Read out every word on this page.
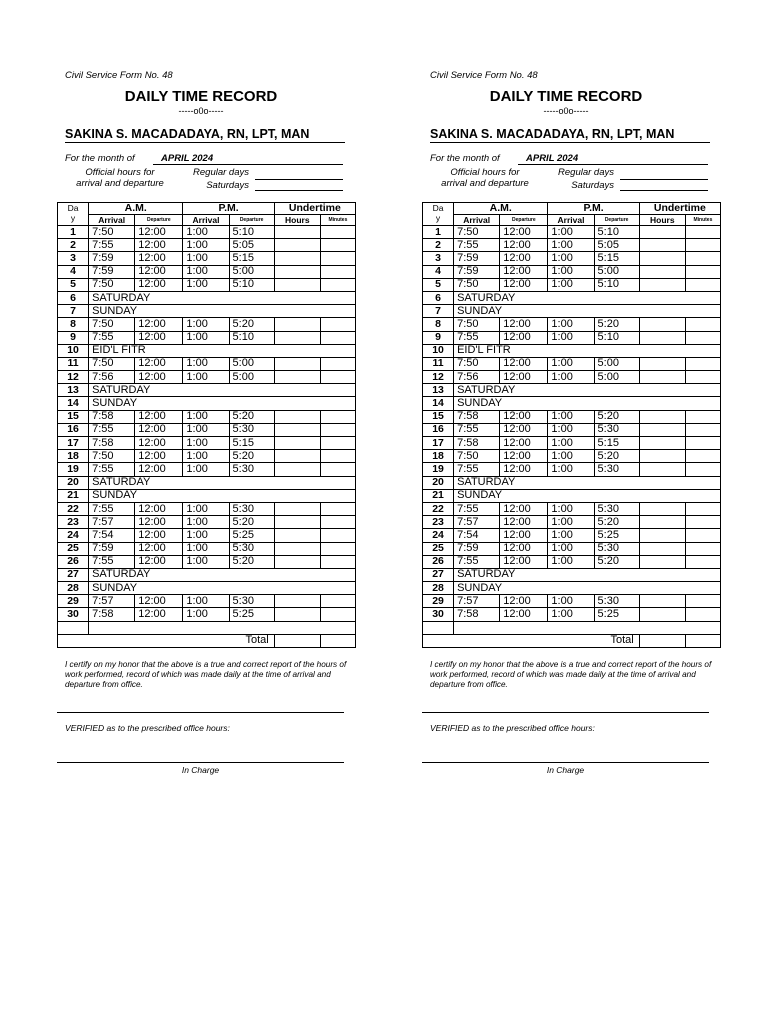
Civil Service Form No. 48
DAILY TIME RECORD
-----o0o-----
SAKINA S. MACADADAYA, RN, LPT, MAN
For the month of	APRIL 2024
Official hours for
arrival and departure
Regular days
Saturdays
Da
y	A.M.		P.M.		Undertime	
	Arrival	Departure	Arrival	Departure	Hours	Minutes
1	7:50	12:00	1:00	5:10		
2	7:55	12:00	1:00	5:05		
3	7:59	12:00	1:00	5:15		
4	7:59	12:00	1:00	5:00		
5	7:50	12:00	1:00	5:10		
6	SATURDAY					
7	SUNDAY					
8	7:50	12:00	1:00	5:20		
9	7:55	12:00	1:00	5:10		
10	EID'L FITR					
11	7:50	12:00	1:00	5:00		
12	7:56	12:00	1:00	5:00		
13	SATURDAY					
14	SUNDAY					
15	7:58	12:00	1:00	5:20		
16	7:55	12:00	1:00	5:30		
17	7:58	12:00	1:00	5:15		
18	7:50	12:00	1:00	5:20		
19	7:55	12:00	1:00	5:30		
20	SATURDAY					
21	SUNDAY					
22	7:55	12:00	1:00	5:30		
23	7:57	12:00	1:00	5:20		
24	7:54	12:00	1:00	5:25		
25	7:59	12:00	1:00	5:30		
26	7:55	12:00	1:00	5:20		
27	SATURDAY					
28	SUNDAY					
29	7:57	12:00	1:00	5:30		
30	7:58	12:00	1:00	5:25		

Total						
I certify on my honor that the above is a true and correct report of the hours of work performed, record of which was made daily at the time of arrival and departure from office.
VERIFIED as to the prescribed office hours:
In Charge
Civil Service Form No. 48
DAILY TIME RECORD
-----o0o-----
SAKINA S. MACADADAYA, RN, LPT, MAN
For the month of	APRIL 2024
Official hours for
arrival and departure
Regular days
Saturdays
Da
y	A.M.		P.M.		Undertime	
	Arrival	Departure	Arrival	Departure	Hours	Minutes
1	7:50	12:00	1:00	5:10		
2	7:55	12:00	1:00	5:05		
3	7:59	12:00	1:00	5:15		
4	7:59	12:00	1:00	5:00		
5	7:50	12:00	1:00	5:10		
6	SATURDAY					
7	SUNDAY					
8	7:50	12:00	1:00	5:20		
9	7:55	12:00	1:00	5:10		
10	EID'L FITR					
11	7:50	12:00	1:00	5:00		
12	7:56	12:00	1:00	5:00		
13	SATURDAY					
14	SUNDAY					
15	7:58	12:00	1:00	5:20		
16	7:55	12:00	1:00	5:30		
17	7:58	12:00	1:00	5:15		
18	7:50	12:00	1:00	5:20		
19	7:55	12:00	1:00	5:30		
20	SATURDAY					
21	SUNDAY					
22	7:55	12:00	1:00	5:30		
23	7:57	12:00	1:00	5:20		
24	7:54	12:00	1:00	5:25		
25	7:59	12:00	1:00	5:30		
26	7:55	12:00	1:00	5:20		
27	SATURDAY					
28	SUNDAY					
29	7:57	12:00	1:00	5:30		
30	7:58	12:00	1:00	5:25		

Total						
I certify on my honor that the above is a true and correct report of the hours of work performed, record of which was made daily at the time of arrival and departure from office.
VERIFIED as to the prescribed office hours:
In Charge
